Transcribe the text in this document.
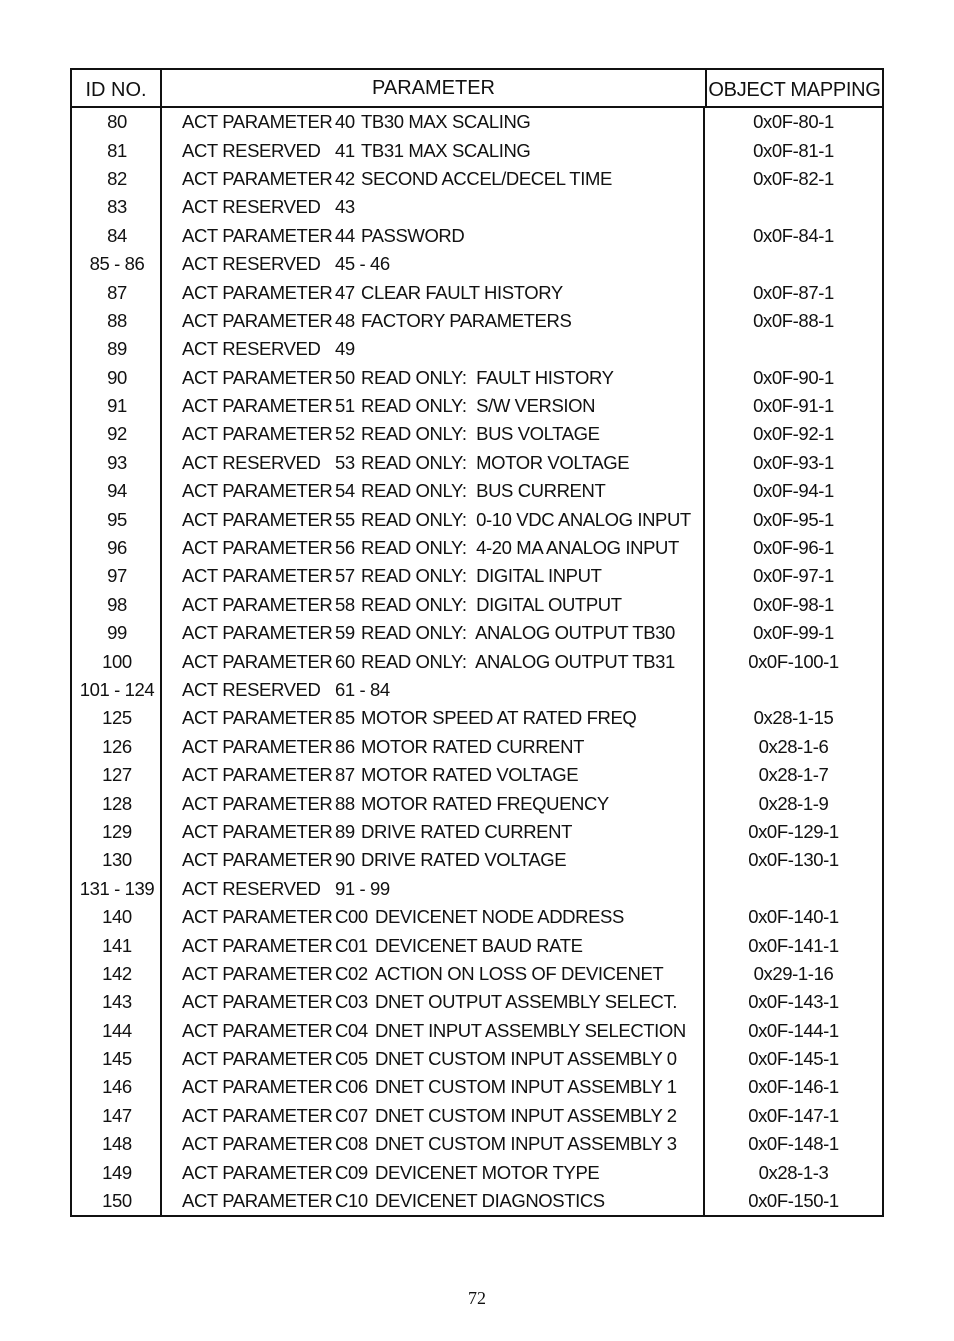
ID NO.	PARAMETER	OBJECT MAPPING
80	ACT PARAMETER 40 TB30 MAX SCALING	0x0F-80-1
81	ACT RESERVED 41 TB31 MAX SCALING	0x0F-81-1
82	ACT PARAMETER 42 SECOND ACCEL/DECEL TIME	0x0F-82-1
83	ACT RESERVED 43
84	ACT PARAMETER 44 PASSWORD	0x0F-84-1
85 - 86	ACT RESERVED 45 - 46
87	ACT PARAMETER 47 CLEAR FAULT HISTORY	0x0F-87-1
88	ACT PARAMETER 48 FACTORY PARAMETERS	0x0F-88-1
89	ACT RESERVED 49
90	ACT PARAMETER 50 READ ONLY:  FAULT HISTORY	0x0F-90-1
91	ACT PARAMETER 51 READ ONLY:  S/W VERSION	0x0F-91-1
92	ACT PARAMETER 52 READ ONLY:  BUS VOLTAGE	0x0F-92-1
93	ACT RESERVED 53 READ ONLY:  MOTOR VOLTAGE	0x0F-93-1
94	ACT PARAMETER 54 READ ONLY:  BUS CURRENT	0x0F-94-1
95	ACT PARAMETER 55 READ ONLY:  0-10 VDC ANALOG INPUT	0x0F-95-1
96	ACT PARAMETER 56 READ ONLY:  4-20 MA ANALOG INPUT	0x0F-96-1
97	ACT PARAMETER 57 READ ONLY:  DIGITAL INPUT	0x0F-97-1
98	ACT PARAMETER 58 READ ONLY:  DIGITAL OUTPUT	0x0F-98-1
99	ACT PARAMETER 59 READ ONLY:  ANALOG OUTPUT TB30	0x0F-99-1
100	ACT PARAMETER 60 READ ONLY:  ANALOG OUTPUT TB31	0x0F-100-1
101 - 124	ACT RESERVED 61 - 84
125	ACT PARAMETER 85 MOTOR SPEED AT RATED FREQ	0x28-1-15
126	ACT PARAMETER 86 MOTOR RATED CURRENT	0x28-1-6
127	ACT PARAMETER 87 MOTOR RATED VOLTAGE	0x28-1-7
128	ACT PARAMETER 88 MOTOR RATED FREQUENCY	0x28-1-9
129	ACT PARAMETER 89 DRIVE RATED CURRENT	0x0F-129-1
130	ACT PARAMETER 90 DRIVE RATED VOLTAGE	0x0F-130-1
131 - 139	ACT RESERVED 91 - 99
140	ACT PARAMETER C00 DEVICENET NODE ADDRESS	0x0F-140-1
141	ACT PARAMETER C01 DEVICENET BAUD RATE	0x0F-141-1
142	ACT PARAMETER C02 ACTION ON LOSS OF DEVICENET	0x29-1-16
143	ACT PARAMETER C03 DNET OUTPUT ASSEMBLY SELECT.	0x0F-143-1
144	ACT PARAMETER C04 DNET INPUT ASSEMBLY SELECTION	0x0F-144-1
145	ACT PARAMETER C05 DNET CUSTOM INPUT ASSEMBLY 0	0x0F-145-1
146	ACT PARAMETER C06 DNET CUSTOM INPUT ASSEMBLY 1	0x0F-146-1
147	ACT PARAMETER C07 DNET CUSTOM INPUT ASSEMBLY 2	0x0F-147-1
148	ACT PARAMETER C08 DNET CUSTOM INPUT ASSEMBLY 3	0x0F-148-1
149	ACT PARAMETER C09 DEVICENET MOTOR TYPE	0x28-1-3
150	ACT PARAMETER C10 DEVICENET DIAGNOSTICS	0x0F-150-1
72
